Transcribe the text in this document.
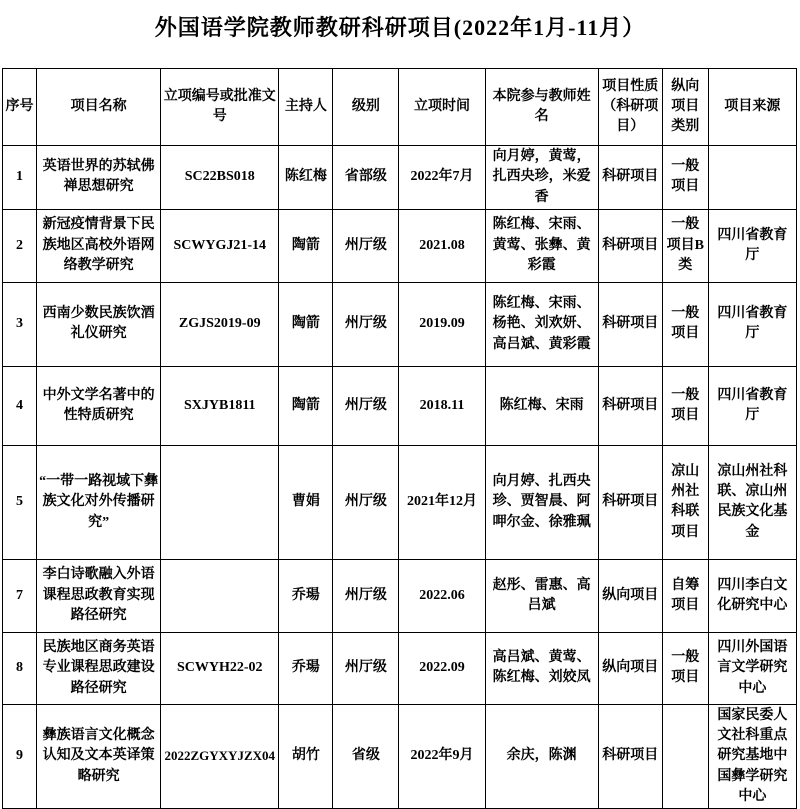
外国语学院教师教研科研项目(2022年1月-11月）
序号	项目名称	立项编号或批准文号	主持人	级别	立项时间	本院参与教师姓名	项目性质（科研项目）	纵向项目类别	项目来源
1	英语世界的苏轼佛禅思想研究	SC22BS018	陈红梅	省部级	2022年7月	向月婷，黄莺，扎西央珍，米爱香	科研项目	一般项目	
2	新冠疫情背景下民族地区高校外语网络教学研究	SCWYGJ21-14	陶箭	州厅级	2021.08	陈红梅、宋雨、黄莺、张彝、黄彩霞	科研项目	一般项目B类	四川省教育厅
3	西南少数民族饮酒礼仪研究	ZGJS2019-09	陶箭	州厅级	2019.09	陈红梅、宋雨、杨艳、刘欢妍、高吕斌、黄彩霞	科研项目	一般项目	四川省教育厅
4	中外文学名著中的性特质研究	SXJYB1811	陶箭	州厅级	2018.11	陈红梅、宋雨	科研项目	一般项目	四川省教育厅
5	“一带一路视域下彝族文化对外传播研究”		曹娟	州厅级	2021年12月	向月婷、扎西央珍、贾智晨、阿呷尔金、徐雅珮	科研项目	凉山州社科联项目	凉山州社科联、凉山州民族文化基金
7	李白诗歌融入外语课程思政教育实现路径研究		乔瑒	州厅级	2022.06	赵彤、雷惠、高吕斌	纵向项目	自筹项目	四川李白文化研究中心
8	民族地区商务英语专业课程思政建设路径研究	SCWYH22-02	乔瑒	州厅级	2022.09	高吕斌、黄莺、陈红梅、刘姣凤	纵向项目	一般项目	四川外国语言文学研究中心
9	彝族语言文化概念认知及文本英译策略研究	2022ZGYXYJZX04	胡竹	省级	2022年9月	余庆，陈渊	科研项目		国家民委人文社科重点研究基地中国彝学研究中心
